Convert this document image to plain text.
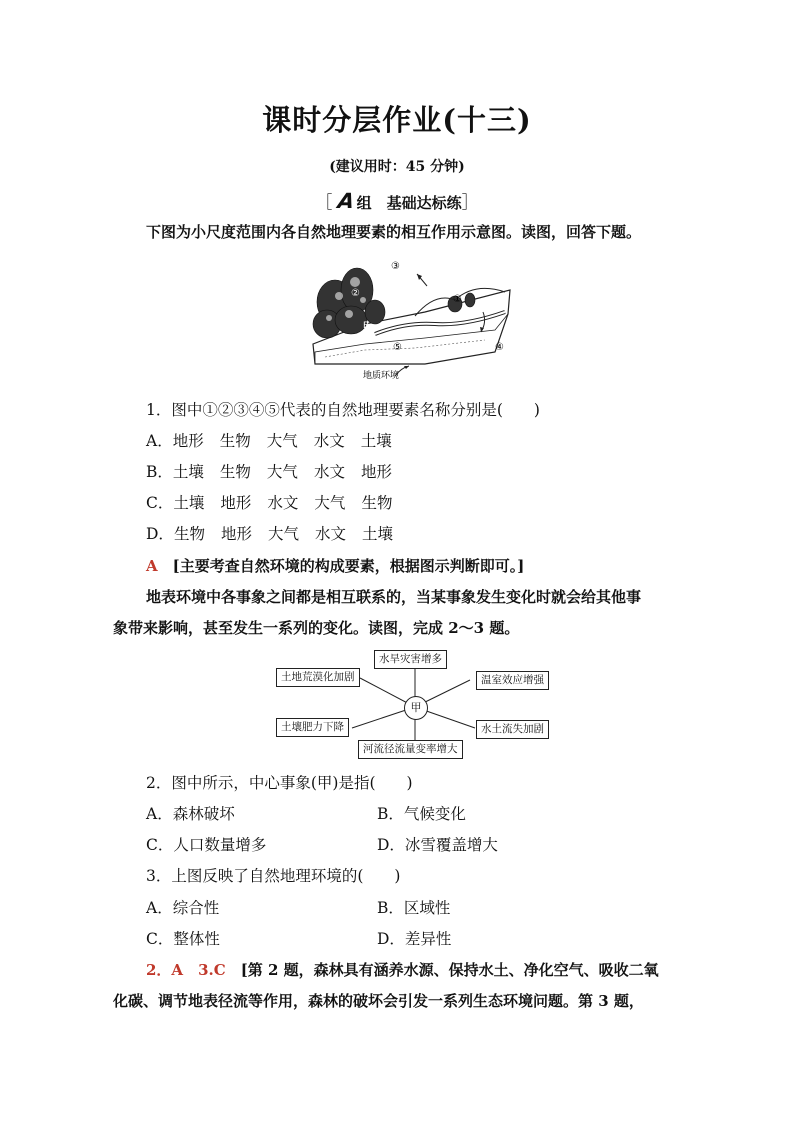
课时分层作业(十三)
(建议用时：45 分钟)
［ A组　基础达标练］
下图为小尺度范围内各自然地理要素的相互作用示意图。读图，回答下题。
③
②
①
④
⑤
B
地质环境
1．图中①②③④⑤代表的自然地理要素名称分别是(　　)
A．地形 生物 大气 水文 土壤
B．土壤 生物 大气 水文 地形
C．土壤 地形 水文 大气 生物
D．生物 地形 大气 水文 土壤
A　 [主要考查自然环境的构成要素，根据图示判断即可。]
地表环境中各事象之间都是相互联系的，当某事象发生变化时就会给其他事
象带来影响，甚至发生一系列的变化。读图，完成 2～3 题。
水旱灾害增多
土地荒漠化加剧	温室效应增强
甲
土壤肥力下降	水土流失加剧
河流径流量变率增大
2．图中所示，中心事象(甲)是指(　　)
A．森林破坏	B．气候变化
C．人口数量增多	D．冰雪覆盖增大
3．上图反映了自然地理环境的(　　)
A．综合性	B．区域性
C．整体性	D．差异性
2．A　3.C　 [第 2 题，森林具有涵养水源、保持水土、净化空气、吸收二氧
化碳、调节地表径流等作用，森林的破坏会引发一系列生态环境问题。第 3 题，
